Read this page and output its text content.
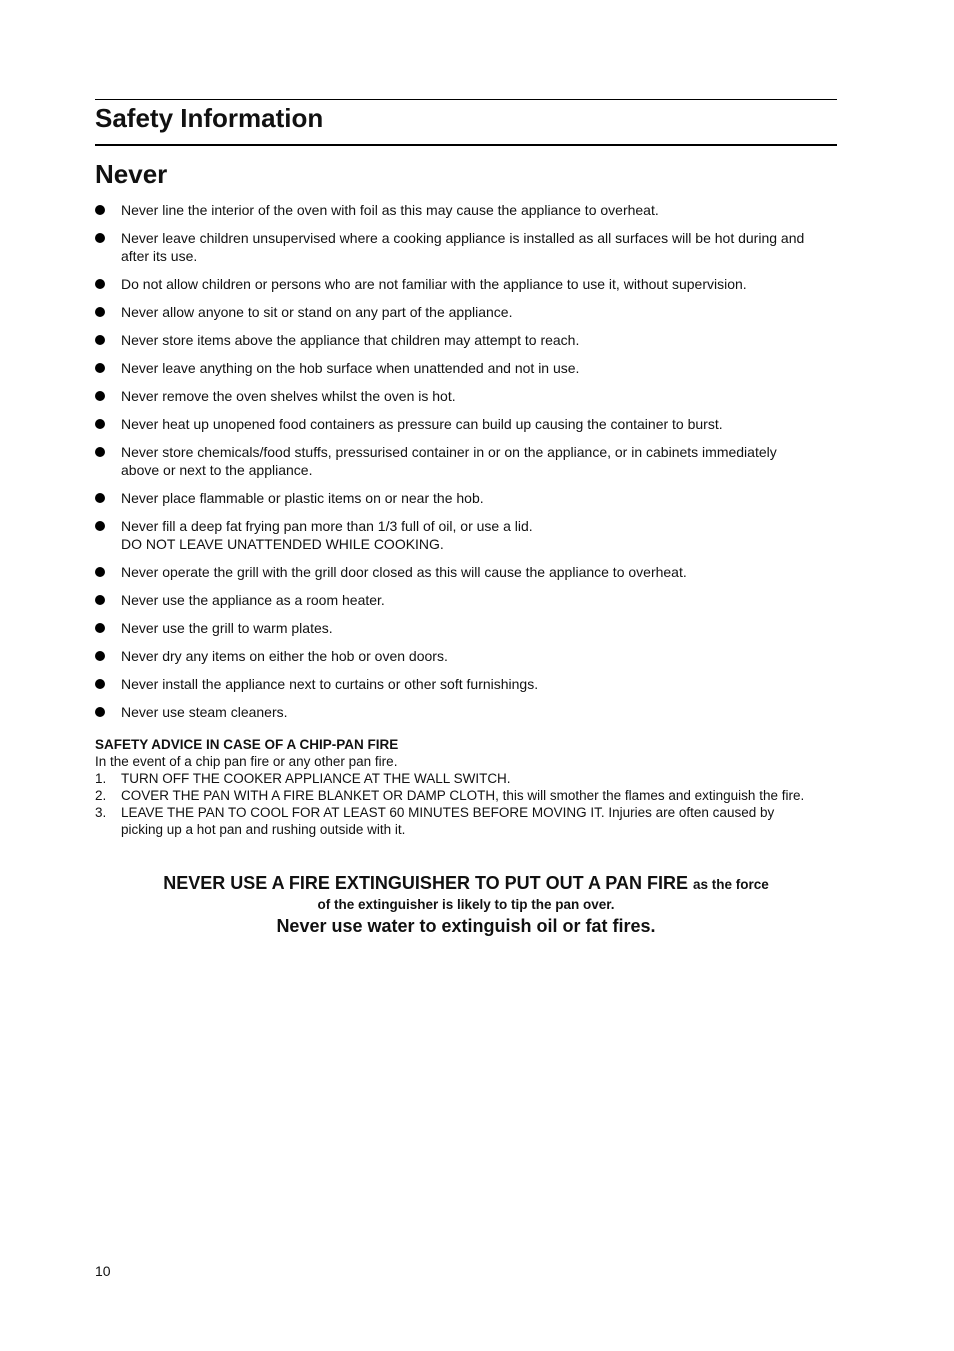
Safety Information
Never
Never line the interior of the oven with foil as this may cause the appliance to overheat.
Never leave children unsupervised where a cooking appliance is installed as all surfaces will be hot during and after its use.
Do not allow children or persons who are not familiar with the appliance to use it, without supervision.
Never allow anyone to sit or stand on any part of the appliance.
Never store items above the appliance that children may attempt to reach.
Never leave anything on the hob surface when unattended and not in use.
Never remove the oven shelves whilst the oven is hot.
Never heat up unopened food containers as pressure can build up causing the container to burst.
Never store chemicals/food stuffs, pressurised container in or on the appliance, or in cabinets immediately above or next to the appliance.
Never place flammable or plastic items on or near the hob.
Never fill a deep fat frying pan more than 1/3 full of oil, or use a lid.
DO NOT LEAVE UNATTENDED WHILE COOKING.
Never operate the grill with the grill door closed as this will cause the appliance to overheat.
Never use the appliance as a room heater.
Never use the grill to warm plates.
Never dry any items on either the hob or oven doors.
Never install the appliance next to curtains or other soft furnishings.
Never use steam cleaners.
SAFETY ADVICE IN CASE OF A CHIP-PAN FIRE
In the event of a chip pan fire or any other pan fire.
1. TURN OFF THE COOKER APPLIANCE AT THE WALL SWITCH.
2. COVER THE PAN WITH A FIRE BLANKET OR DAMP CLOTH, this will smother the flames and extinguish the fire.
3. LEAVE THE PAN TO COOL FOR AT LEAST 60 MINUTES BEFORE MOVING IT. Injuries are often caused by picking up a hot pan and rushing outside with it.
NEVER USE A FIRE EXTINGUISHER TO PUT OUT A PAN FIRE as the force
of the extinguisher is likely to tip the pan over.
Never use water to extinguish oil or fat fires.
10
